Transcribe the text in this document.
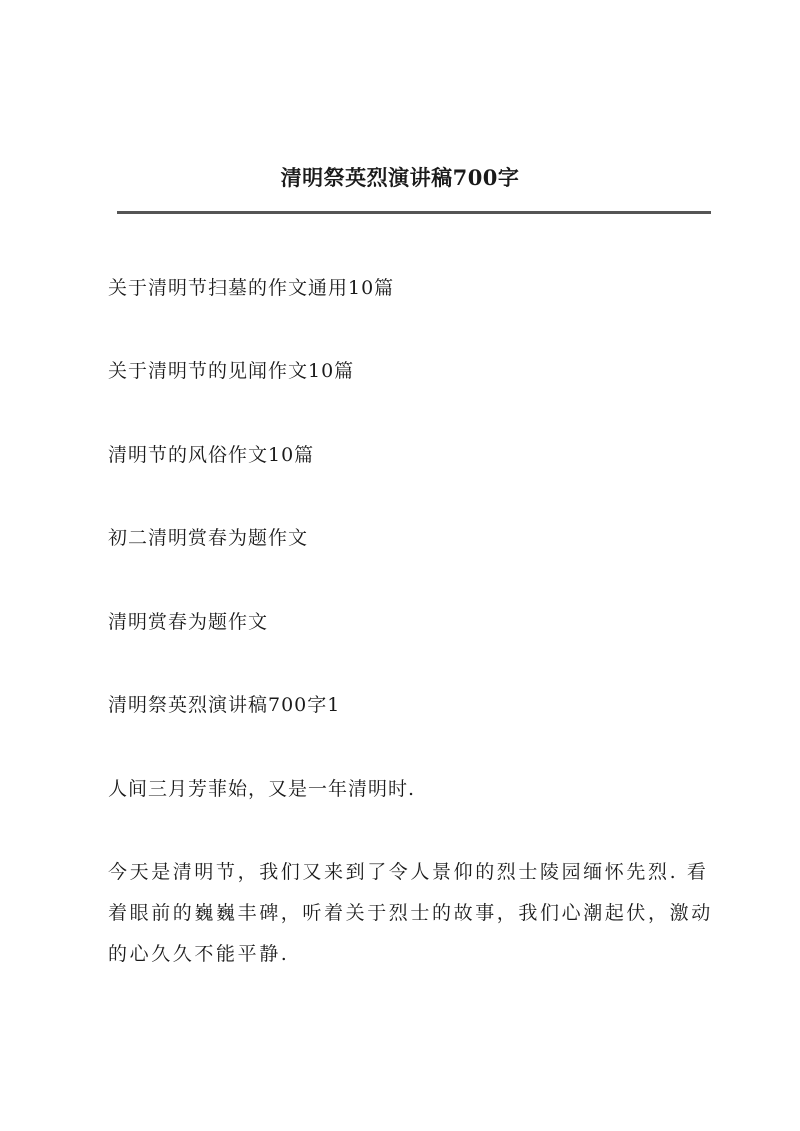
清明祭英烈演讲稿700字
关于清明节扫墓的作文通用10篇
关于清明节的见闻作文10篇
清明节的风俗作文10篇
初二清明赏春为题作文
清明赏春为题作文
清明祭英烈演讲稿700字1
人间三月芳菲始，又是一年清明时.
今天是清明节，我们又来到了令人景仰的烈士陵园缅怀先烈. 看着眼前的巍巍丰碑，听着关于烈士的故事，我们心潮起伏，激动的心久久不能平静.
